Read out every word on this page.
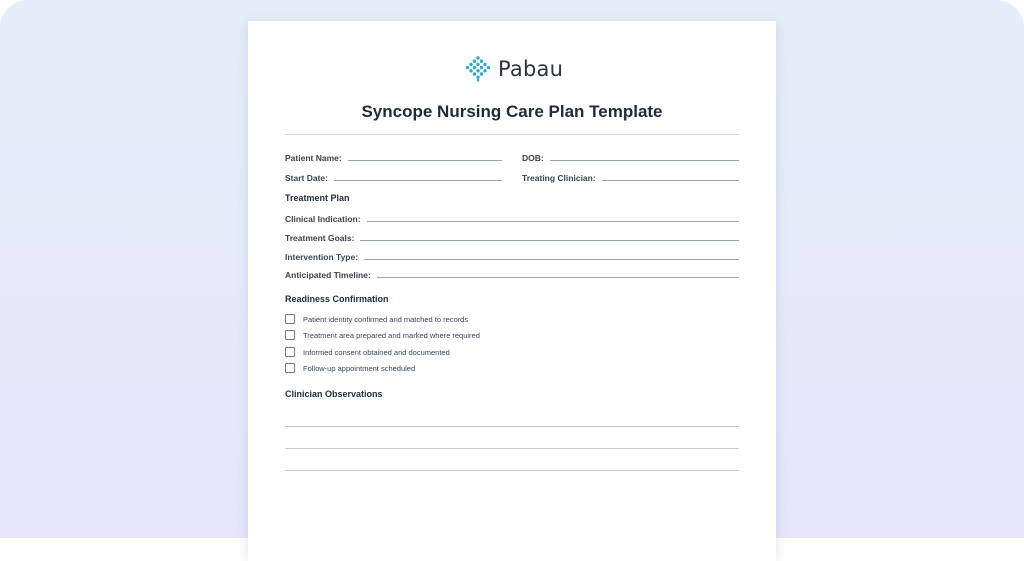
Pabau
Syncope Nursing Care Plan Template
Patient Name:	DOB:
Start Date:	Treating Clinician:
Treatment Plan
Clinical Indication:
Treatment Goals:
Intervention Type:
Anticipated Timeline:
Readiness Confirmation
Patient identity confirmed and matched to records
Treatment area prepared and marked where required
Informed consent obtained and documented
Follow-up appointment scheduled
Clinician Observations
